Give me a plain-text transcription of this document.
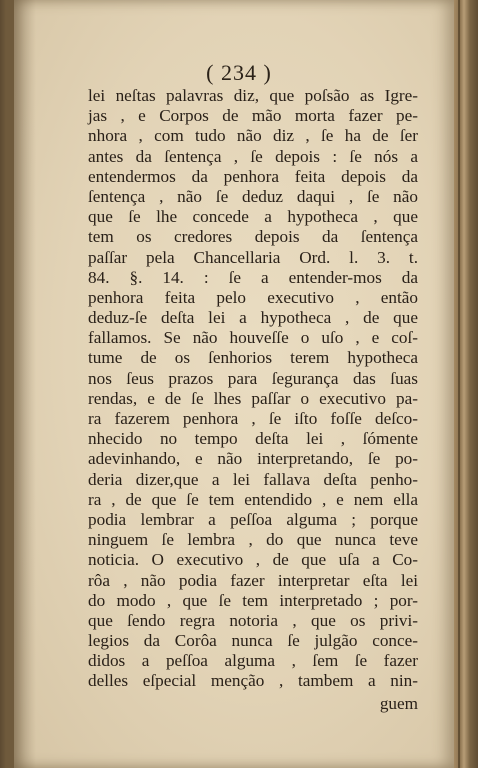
( 234 )
lei neſtas palavras diz, que poſsão as Igre-
jas , e Corpos de mão morta fazer pe-
nhora , com tudo não diz , ſe ha de ſer
antes da ſentença , ſe depois : ſe nós a
entendermos da penhora feita depois da
ſentença , não ſe deduz daqui , ſe não
que ſe lhe concede a hypotheca , que
tem os credores depois da ſentença
paſſar pela Chancellaria Ord. l. 3. t.
84. §. 14. : ſe a entender-mos da
penhora feita pelo executivo , então
deduz-ſe deſta lei a hypotheca , de que
fallamos. Se não houveſſe o uſo , e coſ-
tume de os ſenhorios terem hypotheca
nos ſeus prazos para ſegurança das ſuas
rendas, e de ſe lhes paſſar o executivo pa-
ra fazerem penhora , ſe iſto foſſe deſco-
nhecido no tempo deſta lei , ſómente
adevinhando, e não interpretando, ſe po-
deria dizer,que a lei fallava deſta penho-
ra , de que ſe tem entendido , e nem ella
podia lembrar a peſſoa alguma ; porque
ninguem ſe lembra , do que nunca teve
noticia. O executivo , de que uſa a Co-
rôa , não podia fazer interpretar eſta lei
do modo , que ſe tem interpretado ; por-
que ſendo regra notoria , que os privi-
legios da Corôa nunca ſe julgão conce-
didos a peſſoa alguma , ſem ſe fazer
delles eſpecial menção , tambem a nin-
guem
